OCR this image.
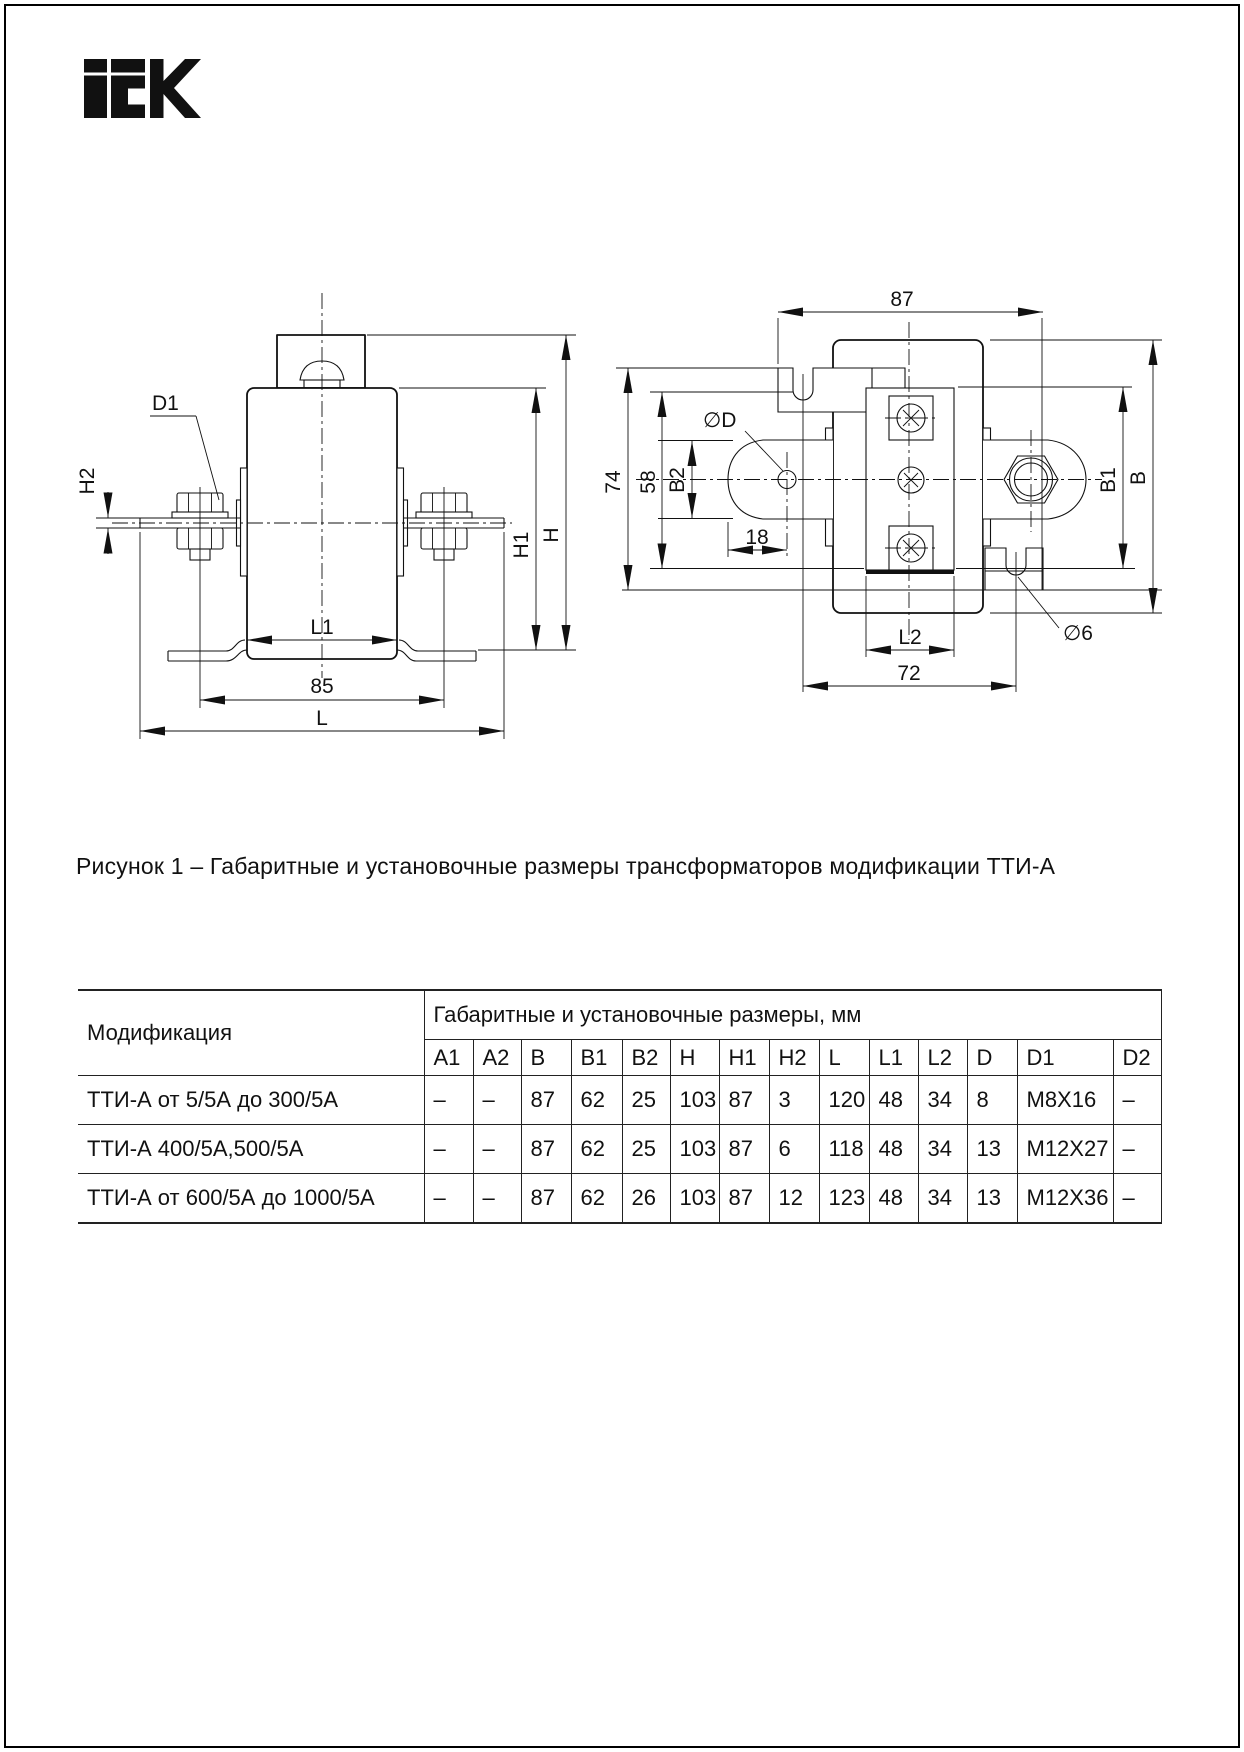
D1
H2
L1
85
L
H1 H
87
∅D
74 58 B2
18
L2
72
∅6
B1 B
Рисунок 1 – Габаритные и установочные размеры трансформаторов модификации ТТИ-А
Модификация	Габаритные и установочные размеры, мм													
	A1	A2	B	B1	B2	H	H1	H2	L	L1	L2	D	D1	D2
ТТИ-А от 5/5А до 300/5А	–	–	87	62	25	103	87	3	120	48	34	8	M8X16	–
ТТИ-А 400/5А,500/5А	–	–	87	62	25	103	87	6	118	48	34	13	M12X27	–
ТТИ-А от 600/5А до 1000/5А	–	–	87	62	26	103	87	12	123	48	34	13	M12X36	–
